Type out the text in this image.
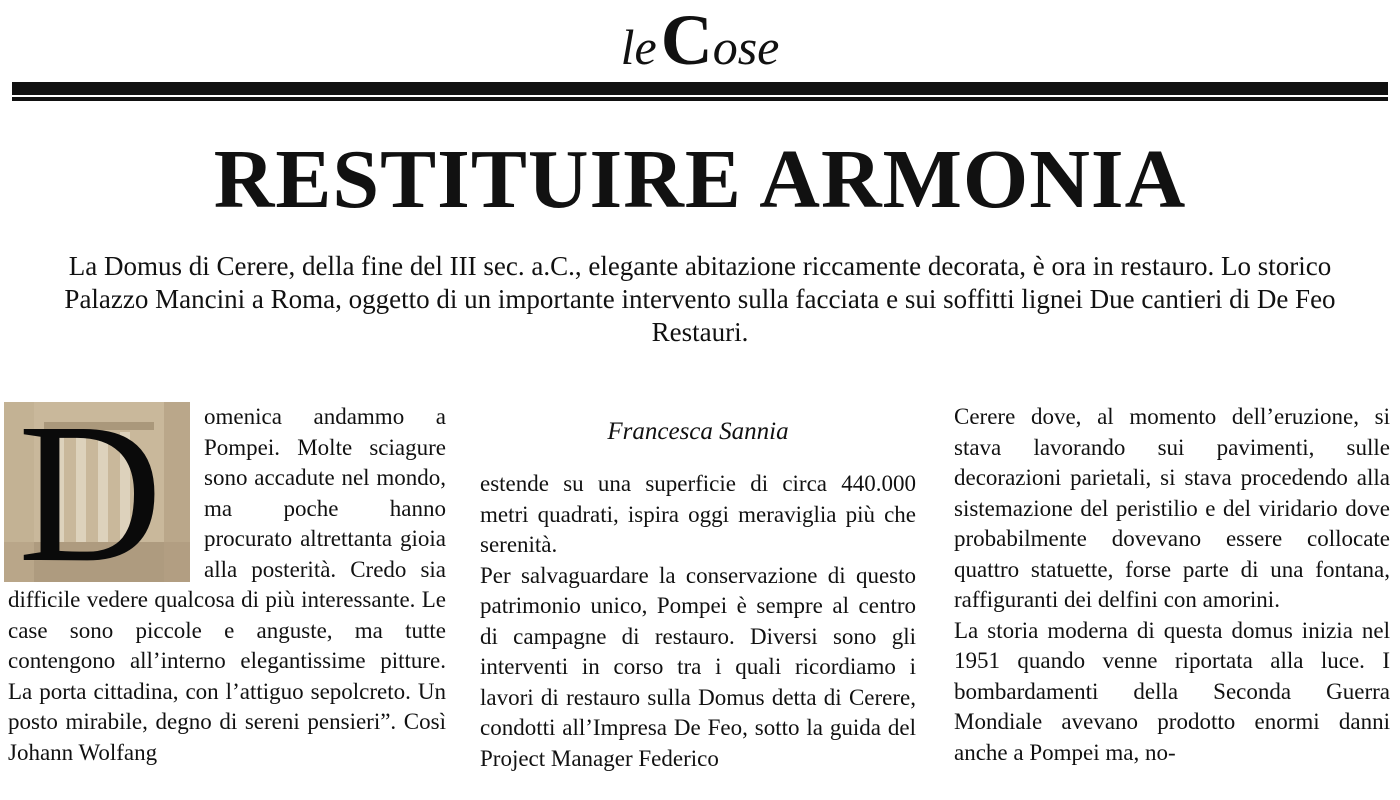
le Cose
RESTITUIRE ARMONIA
La Domus di Cerere, della fine del III sec. a.C., elegante abitazione riccamente decorata, è ora in restauro. Lo storico Palazzo Mancini a Roma, oggetto di un importante intervento sulla facciata e sui soffitti lignei Due cantieri di De Feo Restauri.
D	omenica andammo a Pompei. Molte sciagure sono accadute nel mondo, ma poche hanno procurato altrettanta gioia alla posterità. Credo sia difficile vedere qualcosa di più interessante. Le case sono piccole e anguste, ma tutte contengono all’interno elegantissime pitture. La porta cittadina, con l’attiguo sepolcreto. Un posto mirabile, degno di sereni pensieri”. Così Johann Wolfang

Francesca Sannia

estende su una superficie di circa 440.000 metri quadrati, ispira oggi meraviglia più che serenità.

Per salvaguardare la conservazione di questo patrimonio unico, Pompei è sempre al centro di campagne di restauro. Diversi sono gli interventi in corso tra i quali ricordiamo i lavori di restauro sulla Domus detta di Cerere, condotti all’Impresa De Feo, sotto la guida del Project Manager Federico

Cerere dove, al momento dell’eruzione, si stava lavorando sui pavimenti, sulle decorazioni parietali, si stava procedendo alla sistemazione del peristilio e del viridario dove probabilmente dovevano essere collocate quattro statuette, forse parte di una fontana, raffiguranti dei delfini con amorini.

La storia moderna di questa domus inizia nel 1951 quando venne riportata alla luce. I bombardamenti della Seconda Guerra Mondiale avevano prodotto enormi danni anche a Pompei ma, no-
